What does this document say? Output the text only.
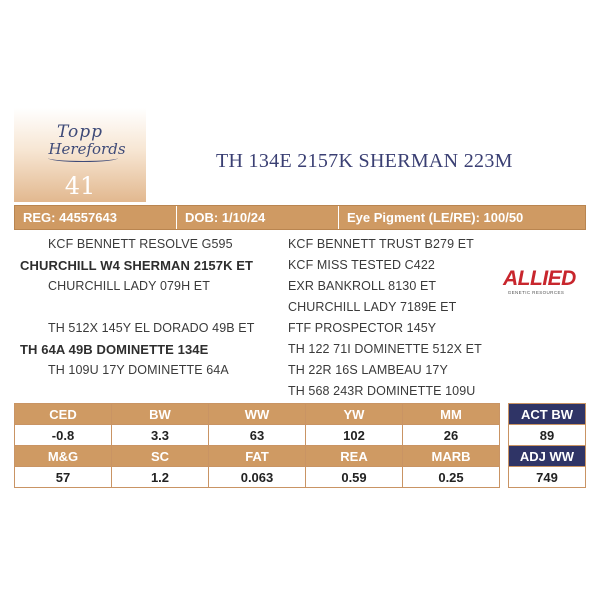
Topp
Herefords
41
TH 134E 2157K SHERMAN 223M
REG: 44557643	DOB: 1/10/24	Eye Pigment (LE/RE): 100/50
KCF BENNETT RESOLVE G595
CHURCHILL W4 SHERMAN 2157K ET
CHURCHILL LADY 079H ET
TH 512X 145Y EL DORADO 49B ET
TH 64A 49B DOMINETTE 134E
TH 109U 17Y DOMINETTE 64A
KCF BENNETT TRUST B279 ET
KCF MISS TESTED C422
EXR BANKROLL 8130 ET
CHURCHILL LADY 7189E ET
FTF PROSPECTOR 145Y
TH 122 71I DOMINETTE 512X ET
TH 22R 16S LAMBEAU 17Y
TH 568 243R DOMINETTE 109U
ALLIED
GENETIC RESOURCES
CED	BW	WW	YW	MM
-0.8	3.3	63	102	26
M&G	SC	FAT	REA	MARB
57	1.2	0.063	0.59	0.25
ACT BW
89
ADJ WW
749
